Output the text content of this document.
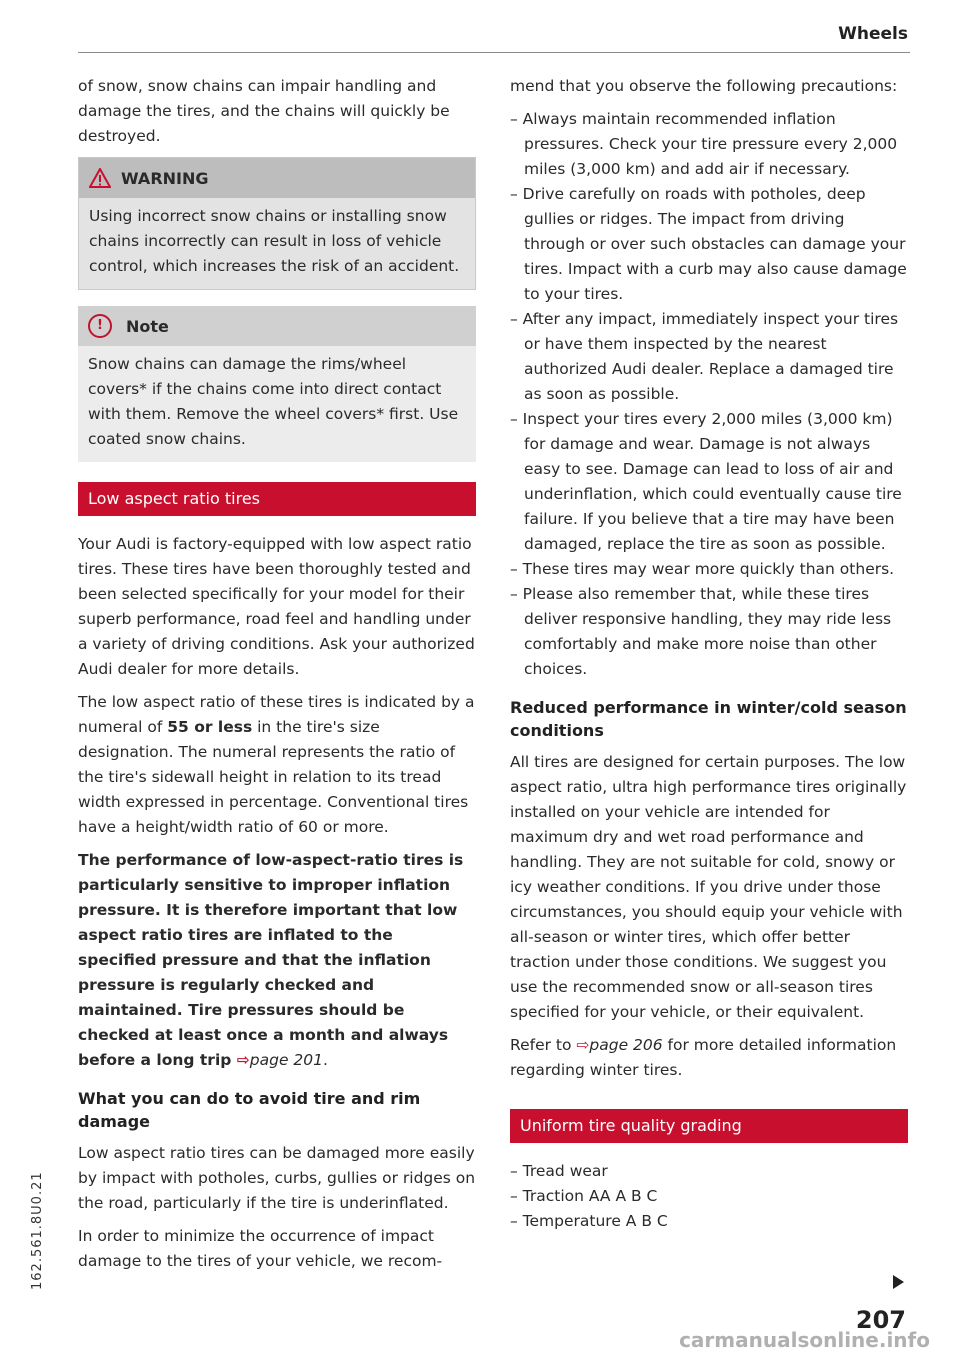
Wheels

of snow, snow chains can impair handling and damage the tires, and the chains will quickly be destroyed.

WARNING
Using incorrect snow chains or installing snow chains incorrectly can result in loss of vehicle control, which increases the risk of an accident.
!	Note
Snow chains can damage the rims/wheel covers* if the chains come into direct contact with them. Remove the wheel covers* first. Use coated snow chains.
Low aspect ratio tires

Your Audi is factory-equipped with low aspect ratio tires. These tires have been thoroughly tested and been selected specifically for your model for their superb performance, road feel and handling under a variety of driving conditions. Ask your authorized Audi dealer for more details.

The low aspect ratio of these tires is indicated by a numeral of 55 or less in the tire's size designation. The numeral represents the ratio of the tire's sidewall height in relation to its tread width expressed in percentage. Conventional tires have a height/width ratio of 60 or more.

The performance of low-aspect-ratio tires is particularly sensitive to improper inflation pressure. It is therefore important that low aspect ratio tires are inflated to the specified pressure and that the inflation pressure is regularly checked and maintained. Tire pressures should be checked at least once a month and always before a long trip ⇨page 201.

What you can do to avoid tire and rim damage

Low aspect ratio tires can be damaged more easily by impact with potholes, curbs, gullies or ridges on the road, particularly if the tire is underinflated.

In order to minimize the occurrence of impact damage to the tires of your vehicle, we recom-

mend that you observe the following precautions:

– Always maintain recommended inflation pressures. Check your tire pressure every 2,000 miles (3,000 km) and add air if necessary.

– Drive carefully on roads with potholes, deep gullies or ridges. The impact from driving through or over such obstacles can damage your tires. Impact with a curb may also cause damage to your tires.

– After any impact, immediately inspect your tires or have them inspected by the nearest authorized Audi dealer. Replace a damaged tire as soon as possible.

– Inspect your tires every 2,000 miles (3,000 km) for damage and wear. Damage is not always easy to see. Damage can lead to loss of air and underinflation, which could eventually cause tire failure. If you believe that a tire may have been damaged, replace the tire as soon as possible.

– These tires may wear more quickly than others.

– Please also remember that, while these tires deliver responsive handling, they may ride less comfortably and make more noise than other choices.

Reduced performance in winter/cold season conditions

All tires are designed for certain purposes. The low aspect ratio, ultra high performance tires originally installed on your vehicle are intended for maximum dry and wet road performance and handling. They are not suitable for cold, snowy or icy weather conditions. If you drive under those circumstances, you should equip your vehicle with all-season or winter tires, which offer better traction under those conditions. We suggest you use the recommended snow or all-season tires specified for your vehicle, or their equivalent.

Refer to ⇨page 206 for more detailed information regarding winter tires.

Uniform tire quality grading

– Tread wear

– Traction AA A B C

– Temperature A B C

207
162.561.8U0.21
carmanualsonline.info
